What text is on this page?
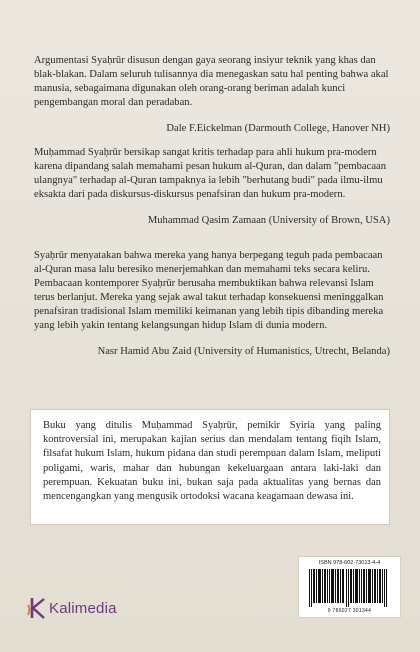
Argumentasi Syaḥrūr disusun dengan gaya seorang insiyur teknik yang khas dan blak-blakan. Dalam seluruh tulisannya dia menegaskan satu hal penting bahwa akal manusia, sebagaimana digunakan oleh orang-orang beriman adalah kunci pengembangan moral dan peradaban.

Dale F.Eickelman (Darmouth College, Hanover NH)

Muḥammad Syaḥrūr bersikap sangat kritis terhadap para ahli hukum pra-modern karena dipandang salah memahami pesan hukum al-Quran, dan dalam "pembacaan ulangnya" terhadap al-Quran tampaknya ia lebih "berhutang budi" pada ilmu-ilmu eksakta dari pada diskursus-diskursus penafsiran dan hukum pra-modern.

Muhammad Qasim Zamaan (University of Brown, USA)

Syaḥrūr menyatakan bahwa mereka yang hanya berpegang teguh pada pembacaan al-Quran masa lalu beresiko menerjemahkan dan memahami teks secara keliru. Pembacaan kontemporer Syaḥrūr berusaha membuktikan bahwa relevansi Islam terus berlanjut. Mereka yang sejak awal takut terhadap konsekuensi meninggalkan penafsiran tradisional Islam memiliki keimanan yang lebih tipis dibanding mereka yang lebih yakin tentang kelangsungan hidup Islam di dunia modern.

Nasr Hamid Abu Zaid (University of Humanistics, Utrecht, Belanda)

Buku yang ditulis Muḥammad Syaḥrūr, pemikir Syiria yang paling kontroversial ini, merupakan kajian serius dan mendalam tentang fiqih Islam, filsafat hukum Islam, hukum pidana dan studi perempuan dalam Islam, meliputi poligami, waris, mahar dan hubungan kekeluargaan antara laki-laki dan perempuan. Kekuatan buku ini, bukan saja pada aktualitas yang bernas dan mencengangkan yang mengusik ortodoksi wacana keagamaan dewasa ini.

ISBN 978-602-73013-4-4
9 786027 301344
Kalimedia
